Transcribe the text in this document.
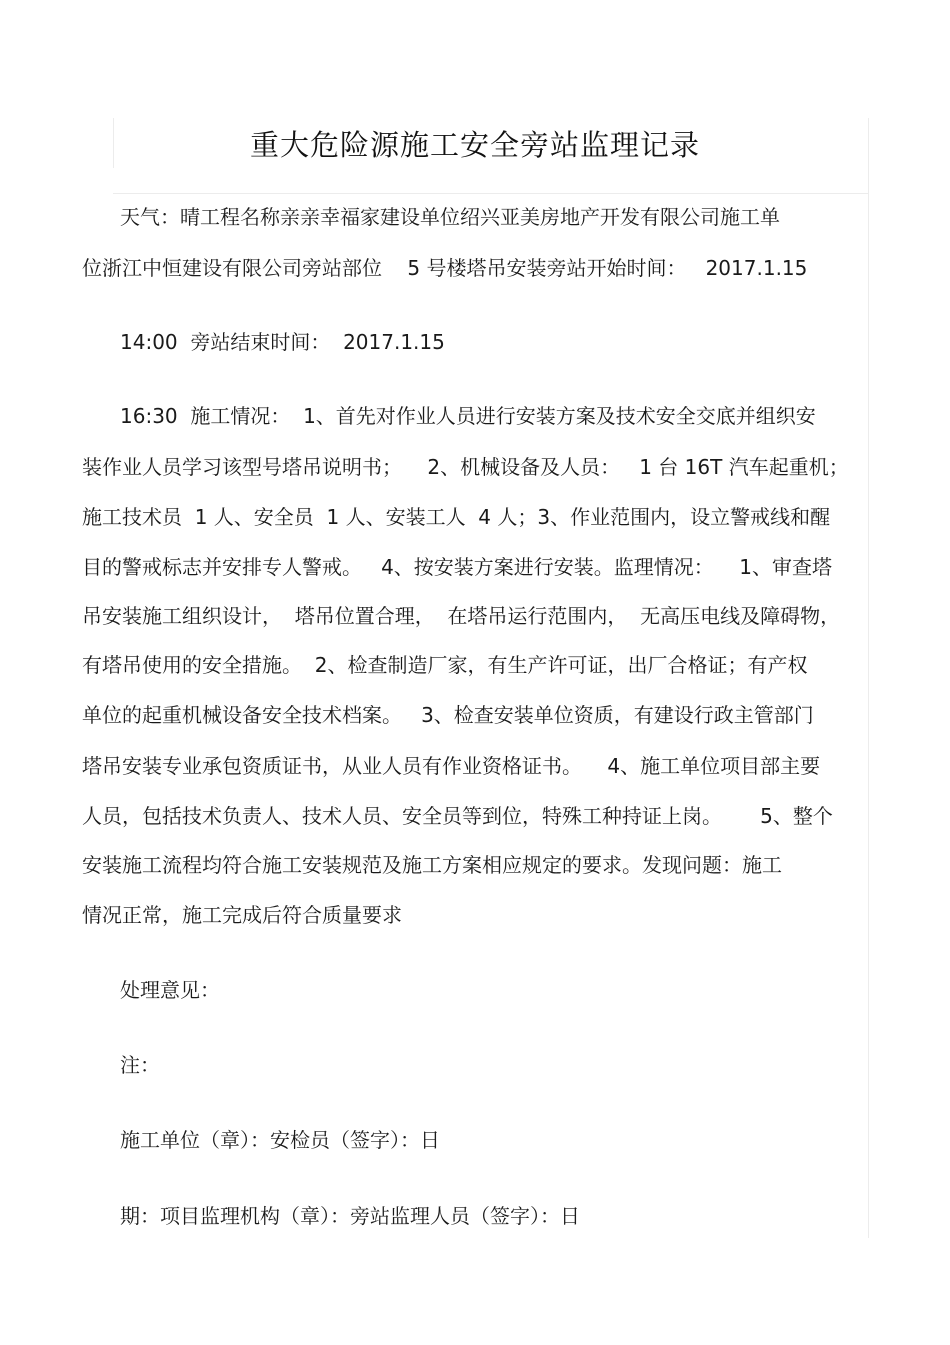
重大危险源施工安全旁站监理记录
天气：晴工程名称亲亲幸福家建设单位绍兴亚美房地产开发有限公司施工单
位浙江中恒建设有限公司旁站部位    5 号楼塔吊安装旁站开始时间：   2017.1.15
14:00  旁站结束时间：  2017.1.15
16:30  施工情况：  1、首先对作业人员进行安装方案及技术安全交底并组织安
装作业人员学习该型号塔吊说明书；    2、机械设备及人员：   1 台 16T 汽车起重机；
施工技术员  1 人、安全员  1 人、安装工人  4 人；3、作业范围内，设立警戒线和醒
目的警戒标志并安排专人警戒。   4、按安装方案进行安装。监理情况：    1、审查塔
吊安装施工组织设计，  塔吊位置合理，  在塔吊运行范围内，  无高压电线及障碍物，
有塔吊使用的安全措施。  2、检查制造厂家，有生产许可证，出厂合格证；有产权
单位的起重机械设备安全技术档案。   3、检查安装单位资质，有建设行政主管部门
塔吊安装专业承包资质证书，从业人员有作业资格证书。    4、施工单位项目部主要
人员，包括技术负责人、技术人员、安全员等到位，特殊工种持证上岗。      5、整个
安装施工流程均符合施工安装规范及施工方案相应规定的要求。发现问题：施工
情况正常，施工完成后符合质量要求
处理意见：
注：
施工单位（章）：安检员（签字）：日
期：项目监理机构（章）：旁站监理人员（签字）：日
